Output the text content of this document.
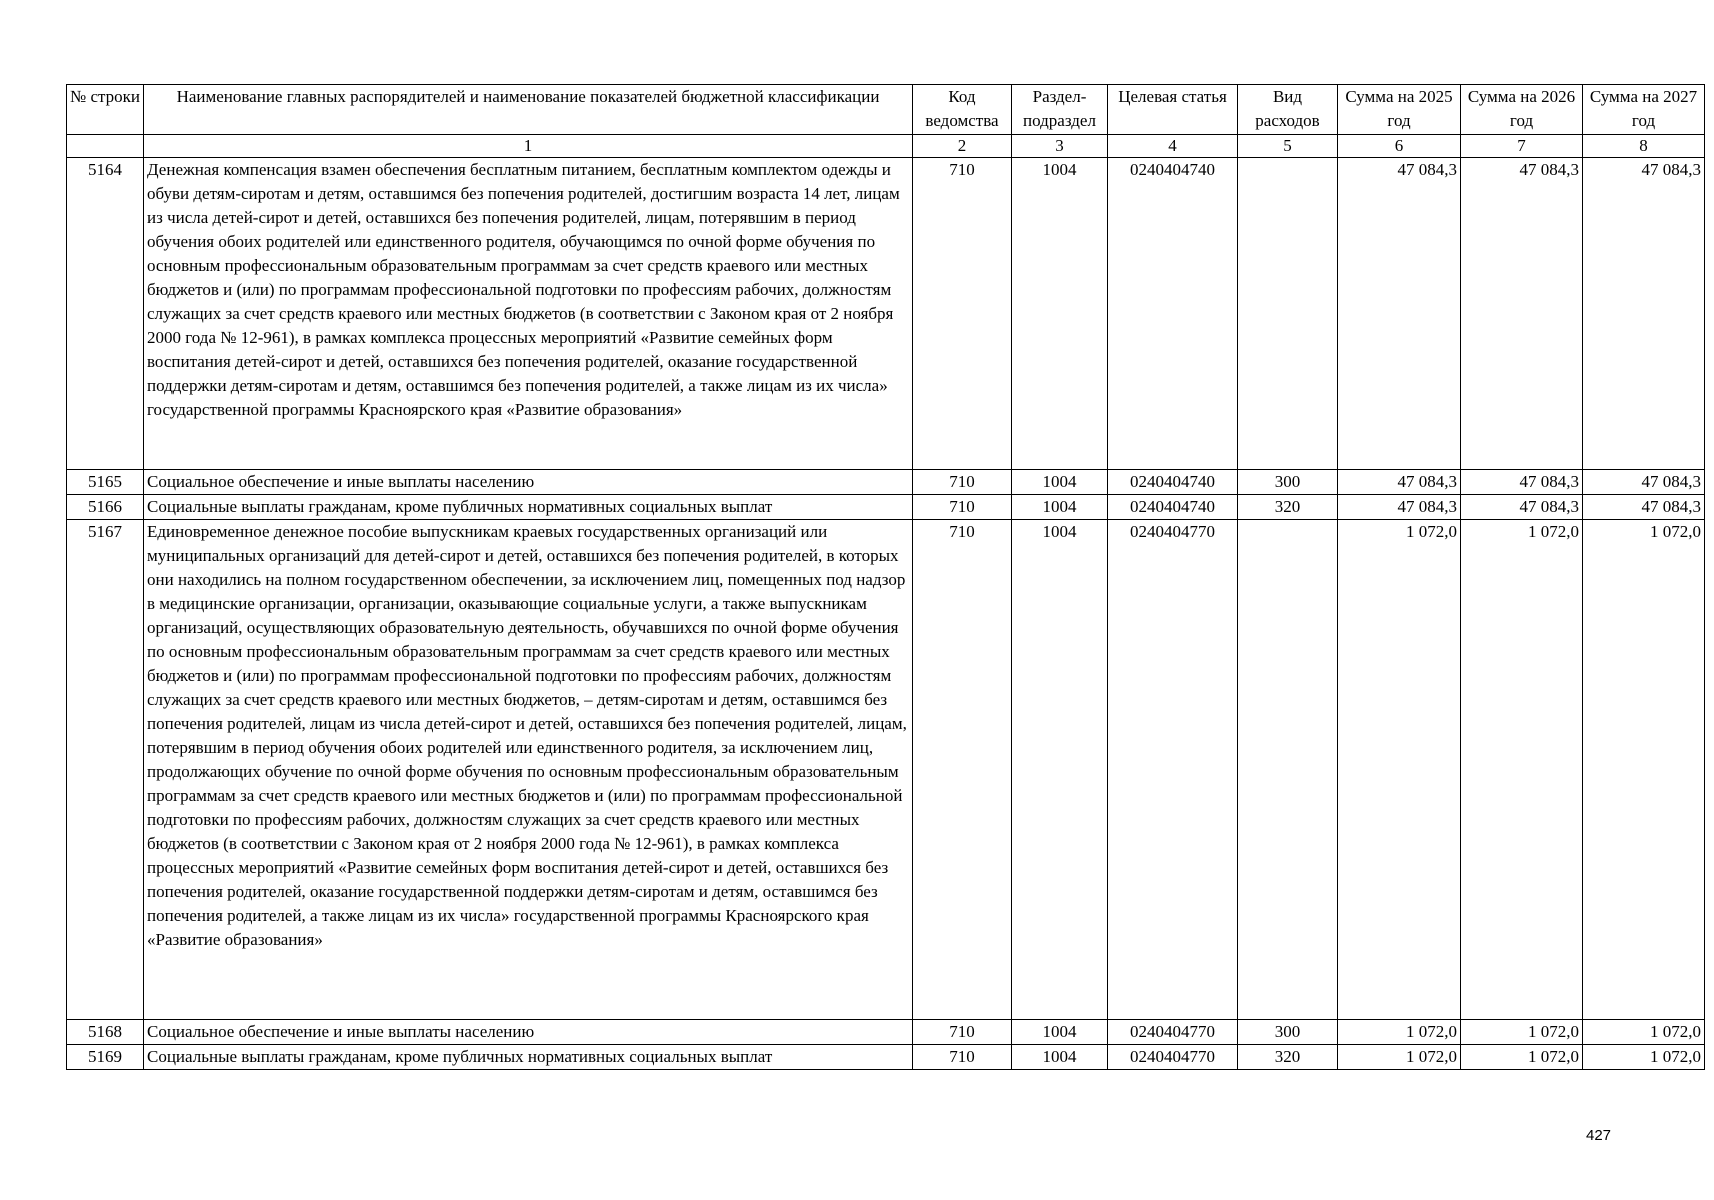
№ строки	Наименование главных распорядителей и наименование показателей бюджетной классификации	Код ведомства	Раздел-подраздел	Целевая статья	Вид расходов	Сумма на 2025 год	Сумма на 2026 год	Сумма на 2027 год
	1	2	3	4	5	6	7	8
5164	Денежная компенсация взамен обеспечения бесплатным питанием, бесплатным комплектом одежды и обуви детям-сиротам и детям, оставшимся без попечения родителей, достигшим возраста 14 лет, лицам из числа детей-сирот и детей, оставшихся без попечения родителей, лицам, потерявшим в период обучения обоих родителей или единственного родителя, обучающимся по очной форме обучения по основным профессиональным образовательным программам за счет средств краевого или местных бюджетов и (или) по программам профессиональной подготовки по профессиям рабочих, должностям служащих за счет средств краевого или местных бюджетов (в соответствии с Законом края от 2 ноября 2000 года № 12-961), в рамках комплекса процессных мероприятий «Развитие семейных форм воспитания детей-сирот и детей, оставшихся без попечения родителей, оказание государственной поддержки детям-сиротам и детям, оставшимся без попечения родителей, а также лицам из их числа» государственной программы Красноярского края «Развитие образования»	710	1004	0240404740		47 084,3	47 084,3	47 084,3
5165	Социальное обеспечение и иные выплаты населению	710	1004	0240404740	300	47 084,3	47 084,3	47 084,3
5166	Социальные выплаты гражданам, кроме публичных нормативных социальных выплат	710	1004	0240404740	320	47 084,3	47 084,3	47 084,3
5167	Единовременное денежное пособие выпускникам краевых государственных организаций или муниципальных организаций для детей-сирот и детей, оставшихся без попечения родителей, в которых они находились на полном государственном обеспечении, за исключением лиц, помещенных под надзор в медицинские организации, организации, оказывающие социальные услуги, а также выпускникам организаций, осуществляющих образовательную деятельность, обучавшихся по очной форме обучения по основным профессиональным образовательным программам за счет средств краевого или местных бюджетов и (или) по программам профессиональной подготовки по профессиям рабочих, должностям служащих за счет средств краевого или местных бюджетов, – детям-сиротам и детям, оставшимся без попечения родителей, лицам из числа детей-сирот и детей, оставшихся без попечения родителей, лицам, потерявшим в период обучения обоих родителей или единственного родителя, за исключением лиц, продолжающих обучение по очной форме обучения по основным профессиональным образовательным программам за счет средств краевого или местных бюджетов и (или) по программам профессиональной подготовки по профессиям рабочих, должностям служащих за счет средств краевого или местных бюджетов (в соответствии с Законом края от 2 ноября 2000 года № 12-961), в рамках комплекса процессных мероприятий «Развитие семейных форм воспитания детей-сирот и детей, оставшихся без попечения родителей, оказание государственной поддержки детям-сиротам и детям, оставшимся без попечения родителей, а также лицам из их числа» государственной программы Красноярского края «Развитие образования»	710	1004	0240404770		1 072,0	1 072,0	1 072,0
5168	Социальное обеспечение и иные выплаты населению	710	1004	0240404770	300	1 072,0	1 072,0	1 072,0
5169	Социальные выплаты гражданам, кроме публичных нормативных социальных выплат	710	1004	0240404770	320	1 072,0	1 072,0	1 072,0
427
